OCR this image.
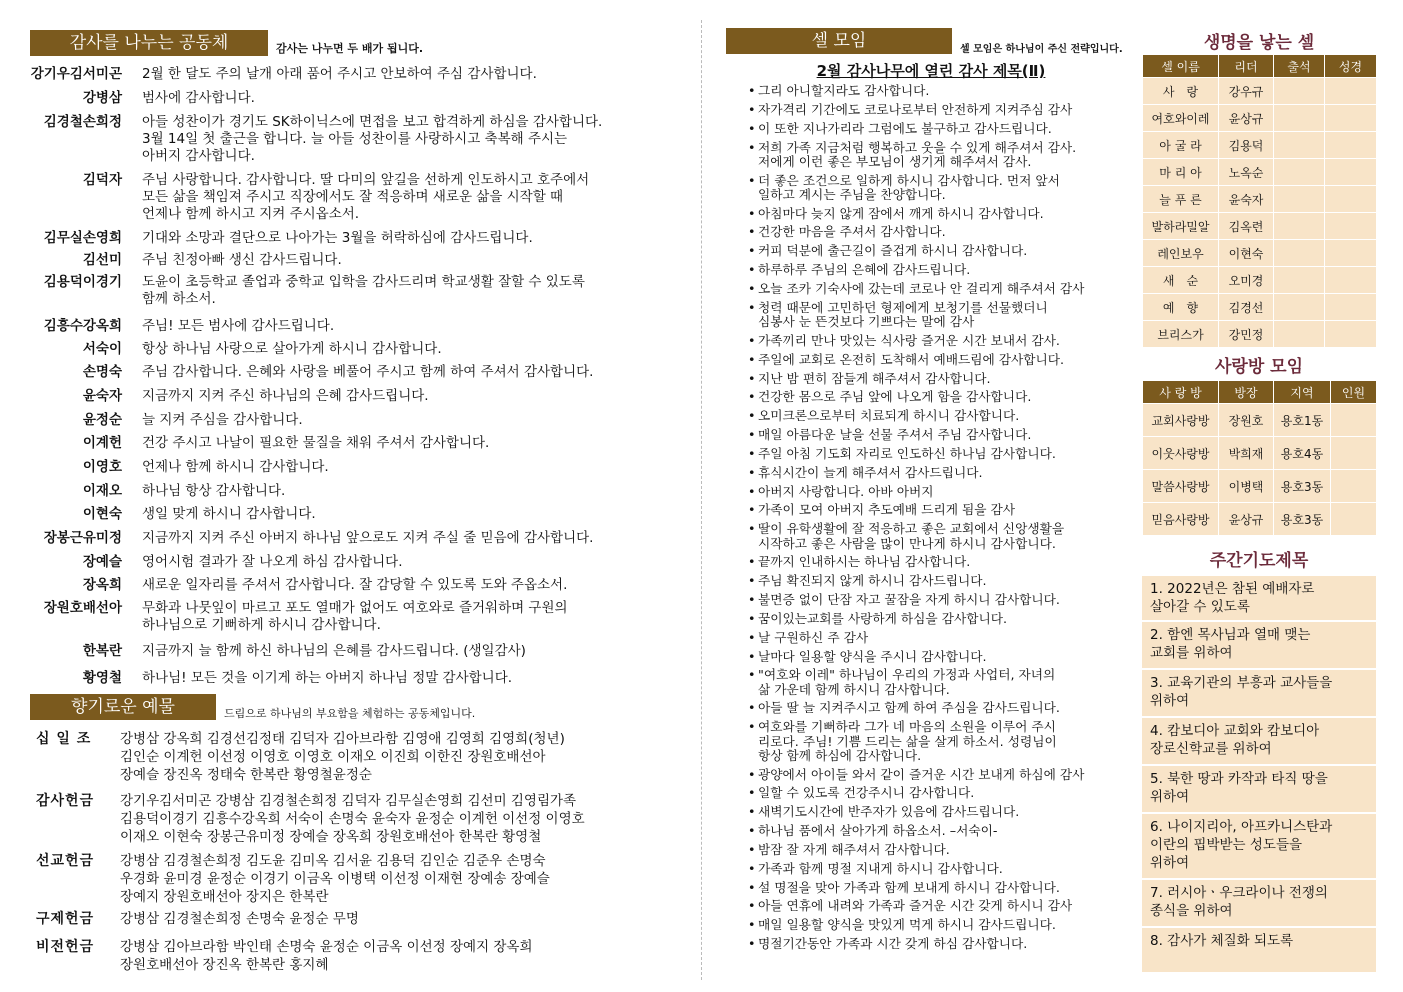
감사를 나누는 공동체	감사는 나누면 두 배가 됩니다.
강기우김서미곤 2월 한 달도 주의 날개 아래 품어 주시고 안보하여 주심 감사합니다.
강병삼 범사에 감사합니다.
김경철손희정 아들 성찬이가 경기도 SK하이닉스에 면접을 보고 합격하게 하심을 감사합니다.
3월 14일 첫 출근을 합니다. 늘 아들 성찬이를 사랑하시고 축복해 주시는
아버지 감사합니다.
김덕자 주님 사랑합니다. 감사합니다. 딸 다미의 앞길을 선하게 인도하시고 호주에서
모든 삶을 책임져 주시고 직장에서도 잘 적응하며 새로운 삶을 시작할 때
언제나 함께 하시고 지켜 주시옵소서.
김무실손영희 기대와 소망과 결단으로 나아가는 3월을 허락하심에 감사드립니다.
김선미 주님 친정아빠 생신 감사드립니다.
김용덕이경기 도윤이 초등학교 졸업과 중학교 입학을 감사드리며 학교생활 잘할 수 있도록
함께 하소서.
김흥수강옥희 주님! 모든 범사에 감사드립니다.
서숙이 항상 하나님 사랑으로 살아가게 하시니 감사합니다.
손명숙 주님 감사합니다. 은혜와 사랑을 베풀어 주시고 함께 하여 주셔서 감사합니다.
윤숙자 지금까지 지켜 주신 하나님의 은혜 감사드립니다.
윤정순 늘 지켜 주심을 감사합니다.
이계헌 건강 주시고 나날이 필요한 물질을 채워 주셔서 감사합니다.
이영호 언제나 함께 하시니 감사합니다.
이재오 하나님 항상 감사합니다.
이현숙 생일 맞게 하시니 감사합니다.
장봉근유미정 지금까지 지켜 주신 아버지 하나님 앞으로도 지켜 주실 줄 믿음에 감사합니다.
장예슬 영어시험 결과가 잘 나오게 하심 감사합니다.
장옥희 새로운 일자리를 주셔서 감사합니다. 잘 감당할 수 있도록 도와 주옵소서.
장원호배선아 무화과 나뭇잎이 마르고 포도 열매가 없어도 여호와로 즐거워하며 구원의
하나님으로 기뻐하게 하시니 감사합니다.
한복란 지금까지 늘 함께 하신 하나님의 은혜를 감사드립니다. (생일감사)
황영철 하나님! 모든 것을 이기게 하는 아버지 하나님 정말 감사합니다.
향기로운 예물	드림으로 하나님의 부요함을 체험하는 공동체입니다.
십 일 조	강병삼 강옥희 김경선김정태 김덕자 김아브라함 김영애 김영희 김영희(청년)
김인순 이계헌 이선정 이영호 이영호 이재오 이진희 이한진 장원호배선아
장예슬 장진옥 정태숙 한복란 황영철윤정순
감사헌금	강기우김서미곤 강병삼 김경철손희정 김덕자 김무실손영희 김선미 김영림가족
김용덕이경기 김흥수강옥희 서숙이 손명숙 윤숙자 윤정순 이계헌 이선정 이영호
이재오 이현숙 장봉근유미정 장예슬 장옥희 장원호배선아 한복란 황영철
선교헌금	강병삼 김경철손희정 김도윤 김미옥 김서윤 김용덕 김인순 김준우 손명숙
우경화 윤미경 윤정순 이경기 이금옥 이병택 이선정 이재현 장예송 장예슬
장예지 장원호배선아 장지은 한복란
구제헌금	강병삼 김경철손희정 손명숙 윤정순 무명
비전헌금	강병삼 김아브라함 박인태 손명숙 윤정순 이금옥 이선정 장예지 장옥희
장원호배선아 장진옥 한복란 홍지혜
셀 모임	셀 모임은 하나님이 주신 전략입니다.
2월 감사나무에 열린 감사 제목(Ⅱ)
• 그리 아니할지라도 감사합니다.
• 자가격리 기간에도 코로나로부터 안전하게 지켜주심 감사
• 이 또한 지나가리라 그럼에도 불구하고 감사드립니다.
• 저희 가족 지금처럼 행복하고 웃을 수 있게 해주셔서 감사.
저에게 이런 좋은 부모님이 생기게 해주셔서 감사.
• 더 좋은 조건으로 일하게 하시니 감사합니다. 먼저 앞서
일하고 계시는 주님을 찬양합니다.
• 아침마다 늦지 않게 잠에서 깨게 하시니 감사합니다.
• 건강한 마음을 주셔서 감사합니다.
• 커피 덕분에 출근길이 즐겁게 하시니 감사합니다.
• 하루하루 주님의 은혜에 감사드립니다.
• 오늘 조카 기숙사에 갔는데 코로나 안 걸리게 해주셔서 감사
• 청력 때문에 고민하던 형제에게 보청기를 선물했더니
심봉사 눈 뜬것보다 기쁘다는 말에 감사
• 가족끼리 만나 맛있는 식사랑 즐거운 시간 보내서 감사.
• 주일에 교회로 온전히 도착해서 예배드림에 감사합니다.
• 지난 밤 편히 잠들게 해주셔서 감사합니다.
• 건강한 몸으로 주님 앞에 나오게 함을 감사합니다.
• 오미크론으로부터 치료되게 하시니 감사합니다.
• 매일 아름다운 날을 선물 주셔서 주님 감사합니다.
• 주일 아침 기도회 자리로 인도하신 하나님 감사합니다.
• 휴식시간이 늘게 해주셔서 감사드립니다.
• 아버지 사랑합니다. 아바 아버지
• 가족이 모여 아버지 추도예배 드리게 됨을 감사
• 딸이 유학생활에 잘 적응하고 좋은 교회에서 신앙생활을
시작하고 좋은 사람을 많이 만나게 하시니 감사합니다.
• 끝까지 인내하시는 하나님 감사합니다.
• 주님 확진되지 않게 하시니 감사드립니다.
• 불면증 없이 단잠 자고 꿀잠을 자게 하시니 감사합니다.
• 꿈이있는교회를 사랑하게 하심을 감사합니다.
• 날 구원하신 주 감사
• 날마다 일용할 양식을 주시니 감사합니다.
• "여호와 이레" 하나님이 우리의 가정과 사업터, 자녀의
삶 가운데 함께 하시니 감사합니다.
• 아들 딸 늘 지켜주시고 함께 하여 주심을 감사드립니다.
• 여호와를 기뻐하라 그가 네 마음의 소원을 이루어 주시
리로다. 주님! 기쁨 드리는 삶을 살게 하소서. 성령님이
항상 함께 하심에 감사합니다.
• 광양에서 아이들 와서 같이 즐거운 시간 보내게 하심에 감사
• 일할 수 있도록 건강주시니 감사합니다.
• 새벽기도시간에 반주자가 있음에 감사드립니다.
• 하나님 품에서 살아가게 하옵소서. –서숙이-
• 밤잠 잘 자게 해주셔서 감사합니다.
• 가족과 함께 명절 지내게 하시니 감사합니다.
• 설 명절을 맞아 가족과 함께 보내게 하시니 감사합니다.
• 아들 연휴에 내려와 가족과 즐거운 시간 갖게 하시니 감사
• 매일 일용할 양식을 맛있게 먹게 하시니 감사드립니다.
• 명절기간동안 가족과 시간 갖게 하심 감사합니다.
생명을 낳는 셀
셀 이름	리더	출석	성경
사　랑	강우규		
여호와이레	윤상규		
아 굴 라	김용덕		
마 리 아	노옥순		
늘 푸 른	윤숙자		
발하라밀알	김옥련		
레인보우	이현숙		
새　순	오미경		
예　향	김경선		
브리스가	강민정		
사랑방 모임
사 랑 방	방장	지역	인원
교회사랑방	장원호	용호1동	
이웃사랑방	박희재	용호4동	
말씀사랑방	이병택	용호3동	
믿음사랑방	윤상규	용호3동	
주간기도제목
1. 2022년은 참된 예배자로
살아갈 수 있도록
2. 함엔 목사님과 열매 맺는
교회를 위하여
3. 교육기관의 부흥과 교사들을
위하여
4. 캄보디아 교회와 캄보디아
장로신학교를 위하여
5. 북한 땅과 카작과 타직 땅을
위하여
6. 나이지리아, 아프카니스탄과
이란의 핍박받는 성도들을
위하여
7. 러시아ㆍ우크라이나 전쟁의
종식을 위하여
8. 감사가 체질화 되도록
